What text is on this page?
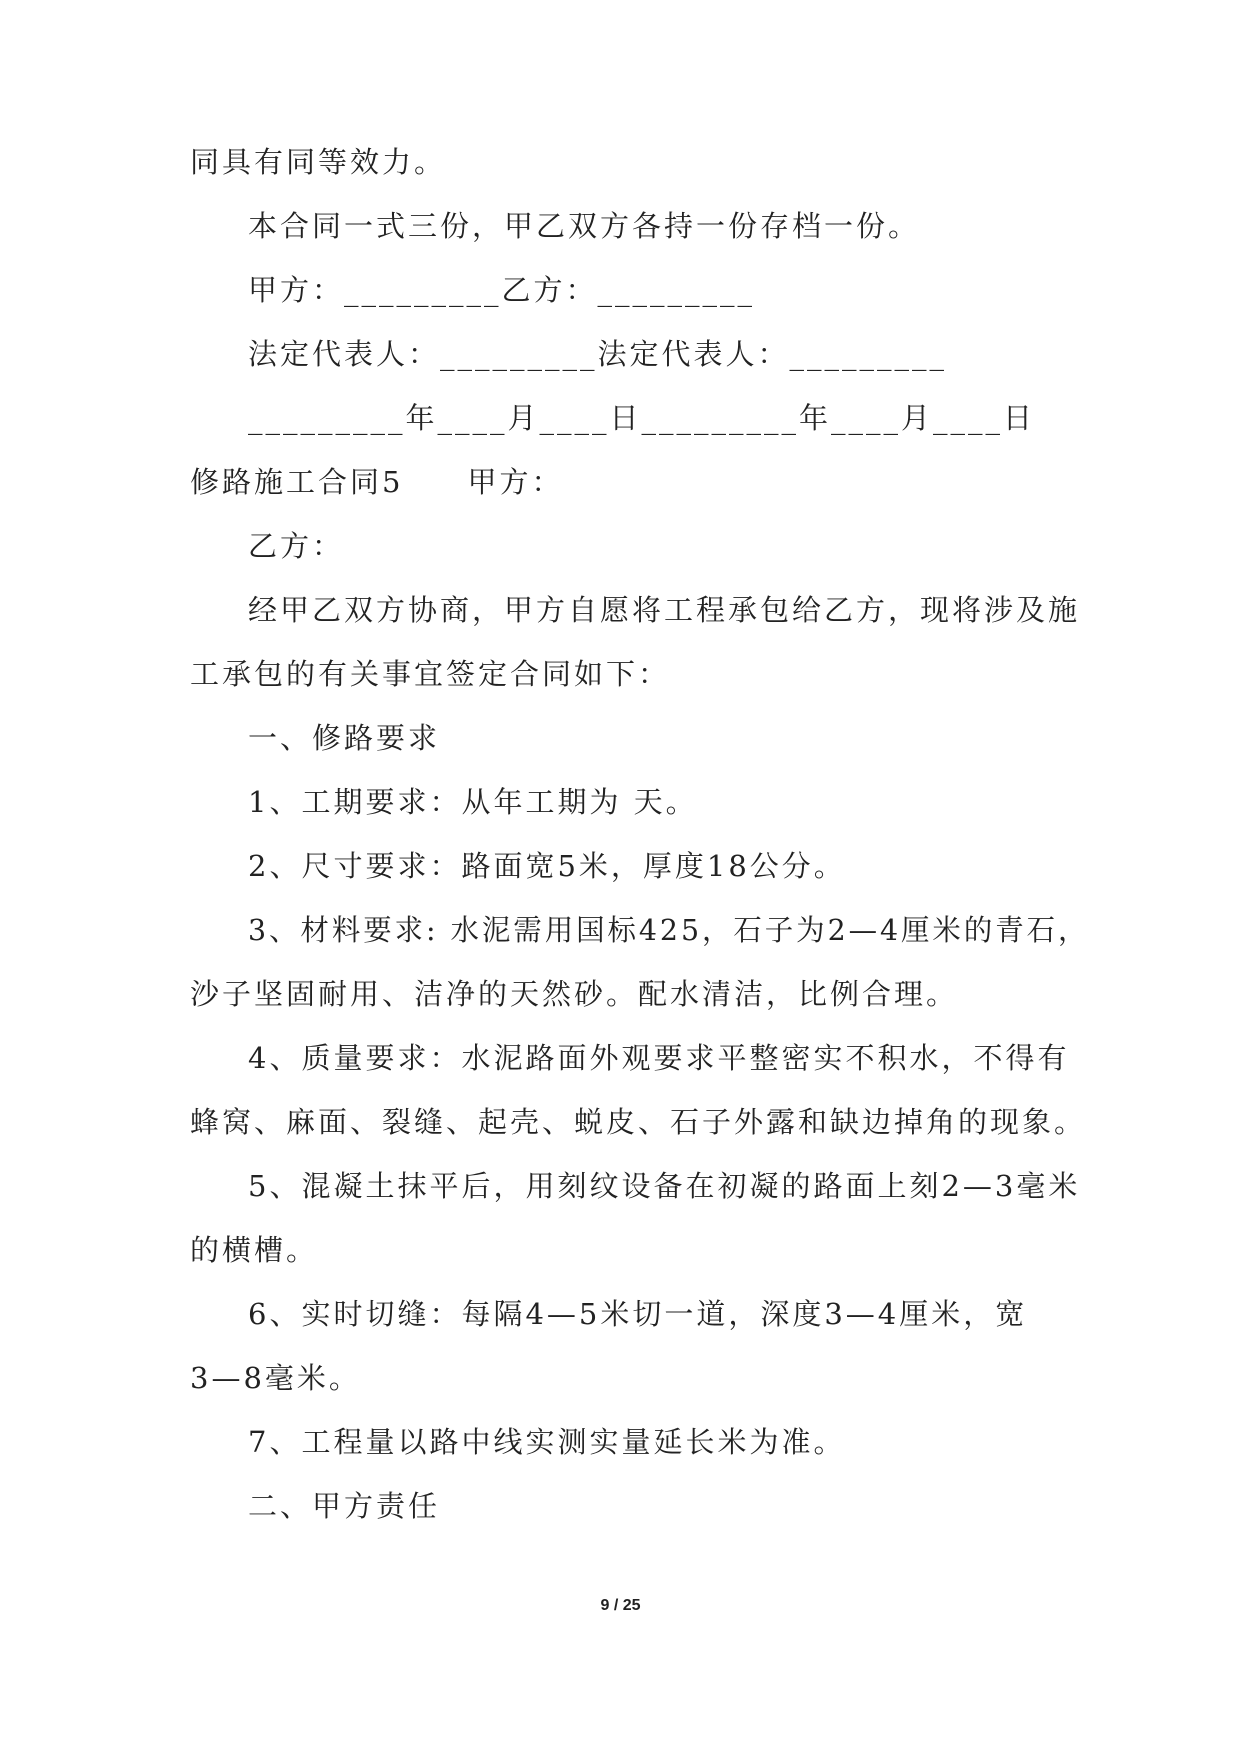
同具有同等效力。
本合同一式三份，甲乙双方各持一份存档一份。
甲方：_________乙方：_________
法定代表人：_________法定代表人：_________
_________年____月____日_________年____月____日
修路施工合同5　　甲方：
乙方：
经甲乙双方协商，甲方自愿将工程承包给乙方，现将涉及施
工承包的有关事宜签定合同如下：
一、修路要求
1、工期要求：从年工期为 天。
2、尺寸要求：路面宽5米，厚度18公分。
3、材料要求: 水泥需用国标425，石子为2—4厘米的青石，
沙子坚固耐用、洁净的天然砂。配水清洁，比例合理。
4、质量要求：水泥路面外观要求平整密实不积水，不得有
蜂窝、麻面、裂缝、起壳、蜕皮、石子外露和缺边掉角的现象。
5、混凝土抹平后，用刻纹设备在初凝的路面上刻2—3毫米
的横槽。
6、实时切缝：每隔4—5米切一道，深度3—4厘米，宽
3—8毫米。
7、工程量以路中线实测实量延长米为准。
二、甲方责任
9 / 25
